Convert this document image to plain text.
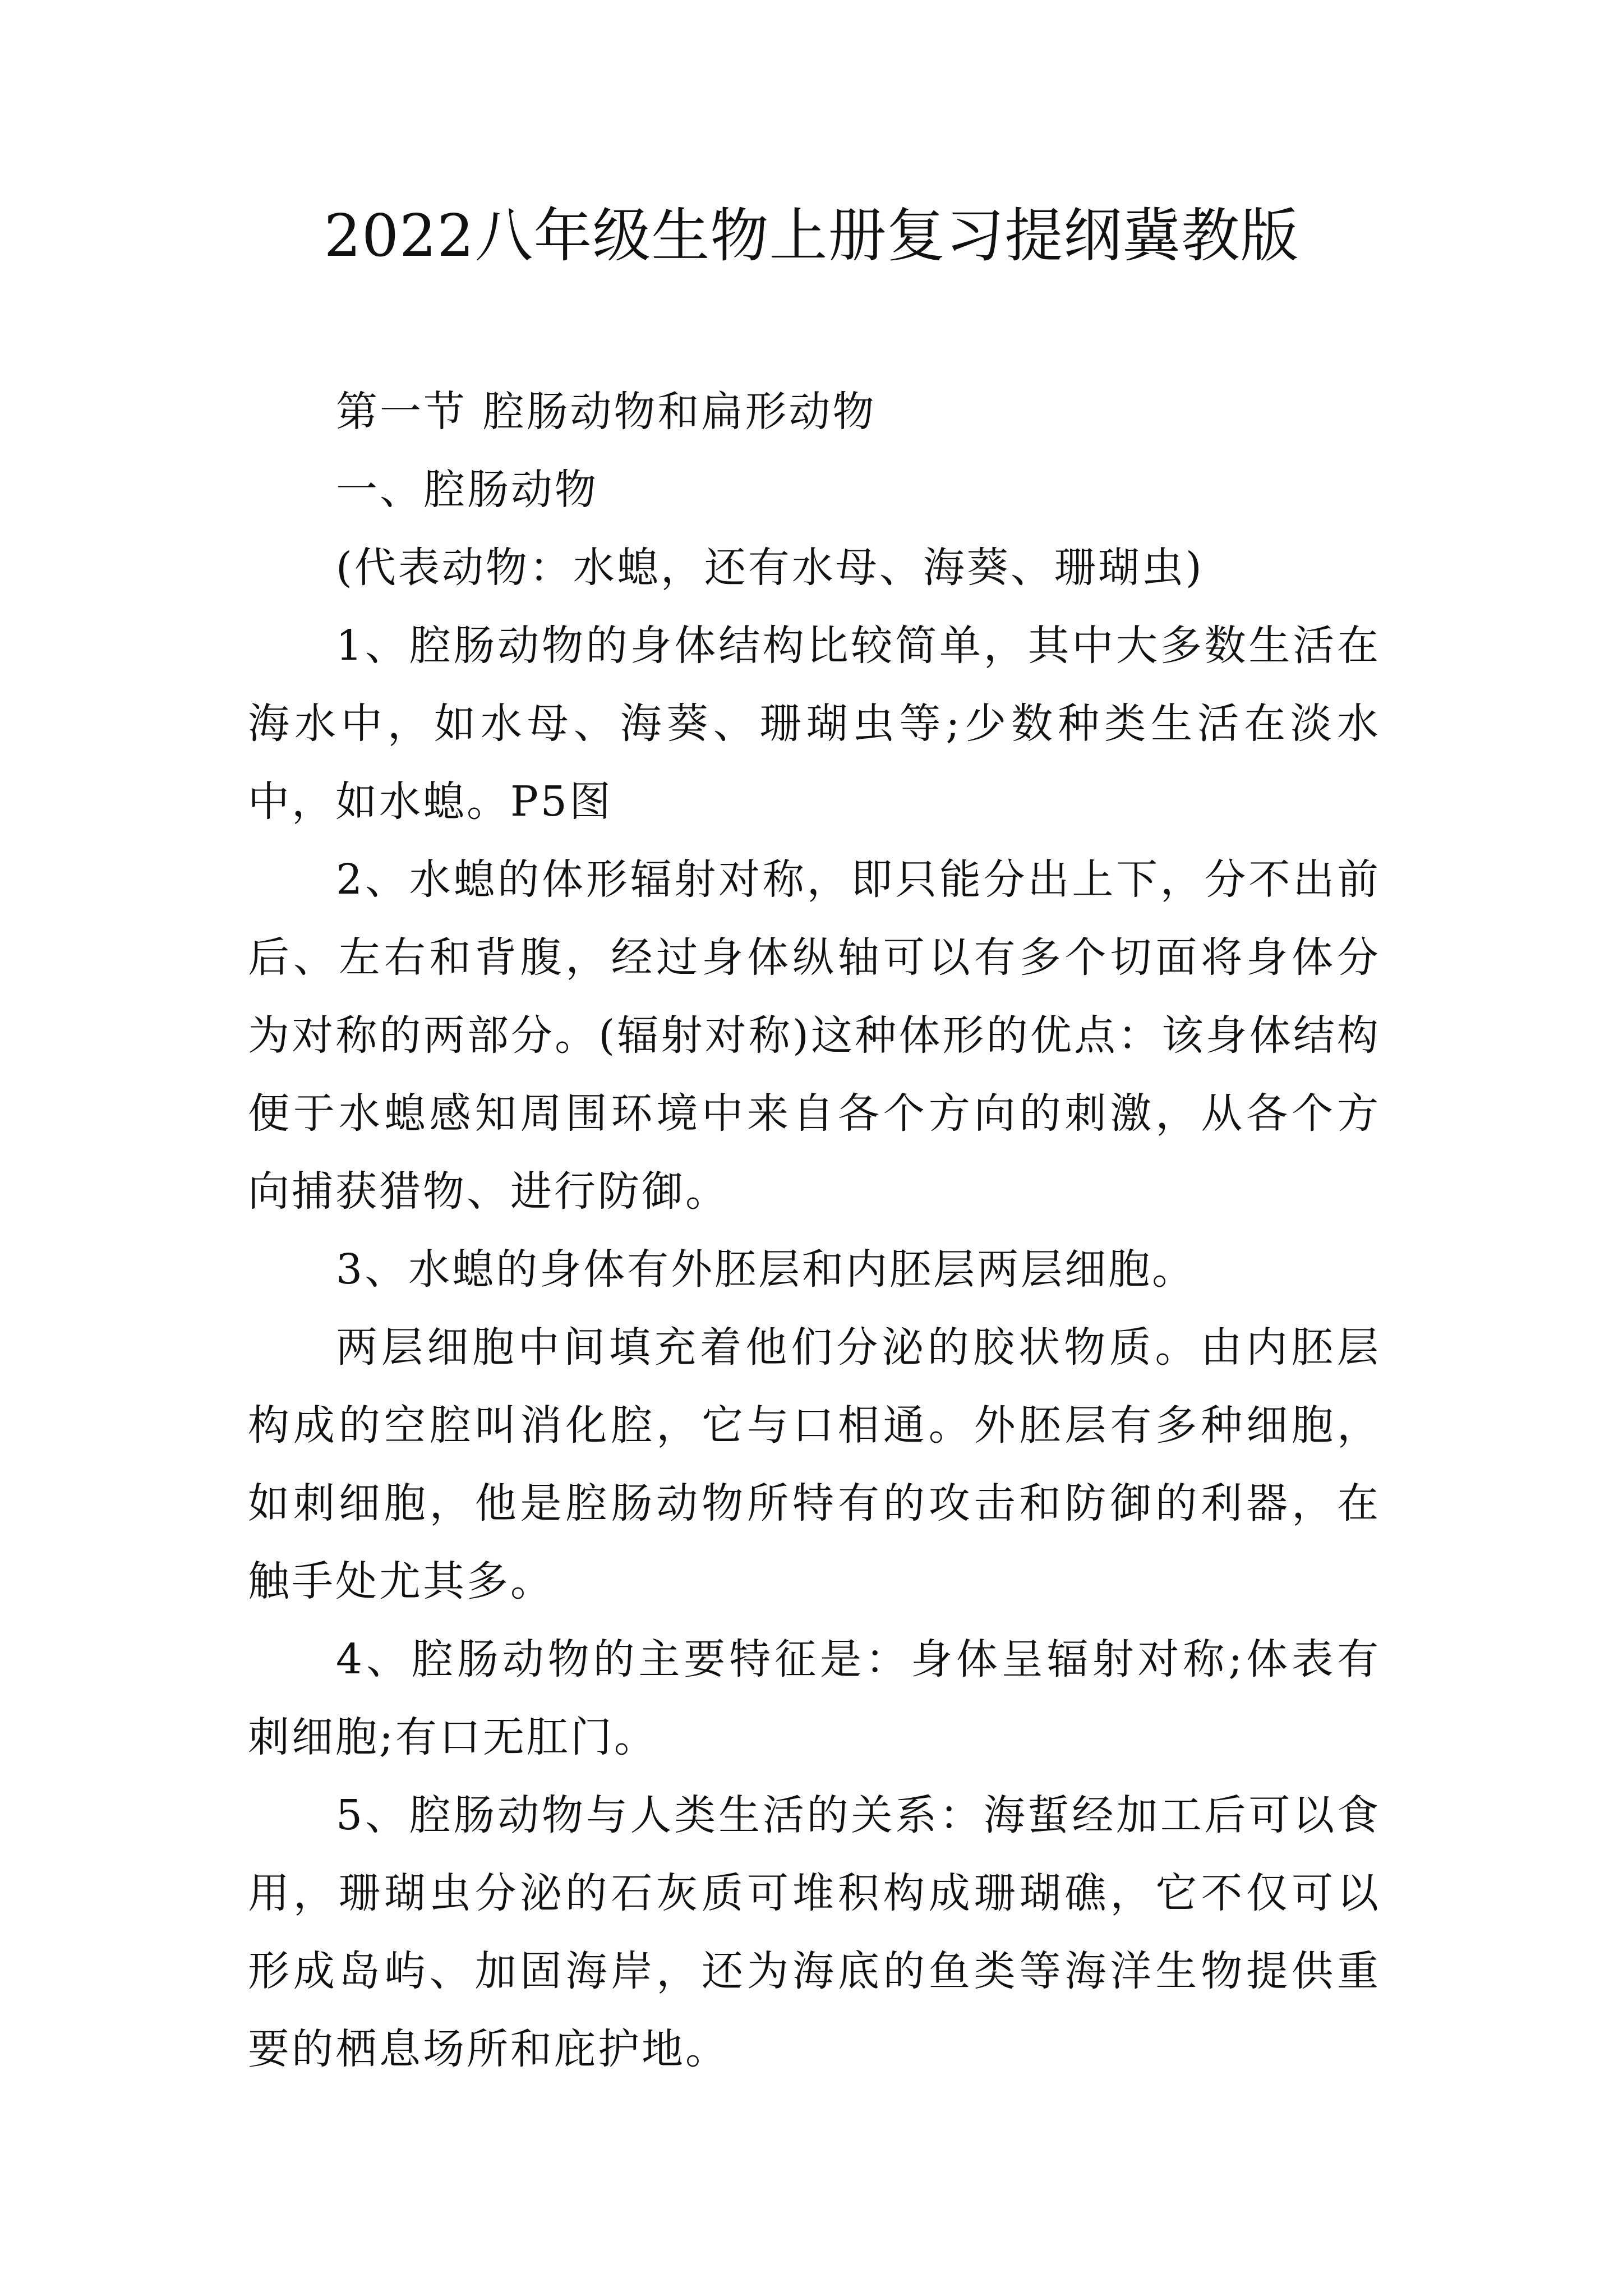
2022八年级生物上册复习提纲冀教版

第一节 腔肠动物和扁形动物

一、腔肠动物

(代表动物：水螅，还有水母、海葵、珊瑚虫)

1、腔肠动物的身体结构比较简单，其中大多数生活在海水中，如水母、海葵、珊瑚虫等;少数种类生活在淡水中，如水螅。P5图

2、水螅的体形辐射对称，即只能分出上下，分不出前后、左右和背腹，经过身体纵轴可以有多个切面将身体分为对称的两部分。(辐射对称)这种体形的优点：该身体结构便于水螅感知周围环境中来自各个方向的刺激，从各个方向捕获猎物、进行防御。

3、水螅的身体有外胚层和内胚层两层细胞。

两层细胞中间填充着他们分泌的胶状物质。由内胚层构成的空腔叫消化腔，它与口相通。外胚层有多种细胞，如刺细胞，他是腔肠动物所特有的攻击和防御的利器，在触手处尤其多。

4、腔肠动物的主要特征是：身体呈辐射对称;体表有刺细胞;有口无肛门。

5、腔肠动物与人类生活的关系：海蜇经加工后可以食用，珊瑚虫分泌的石灰质可堆积构成珊瑚礁，它不仅可以形成岛屿、加固海岸，还为海底的鱼类等海洋生物提供重要的栖息场所和庇护地。
